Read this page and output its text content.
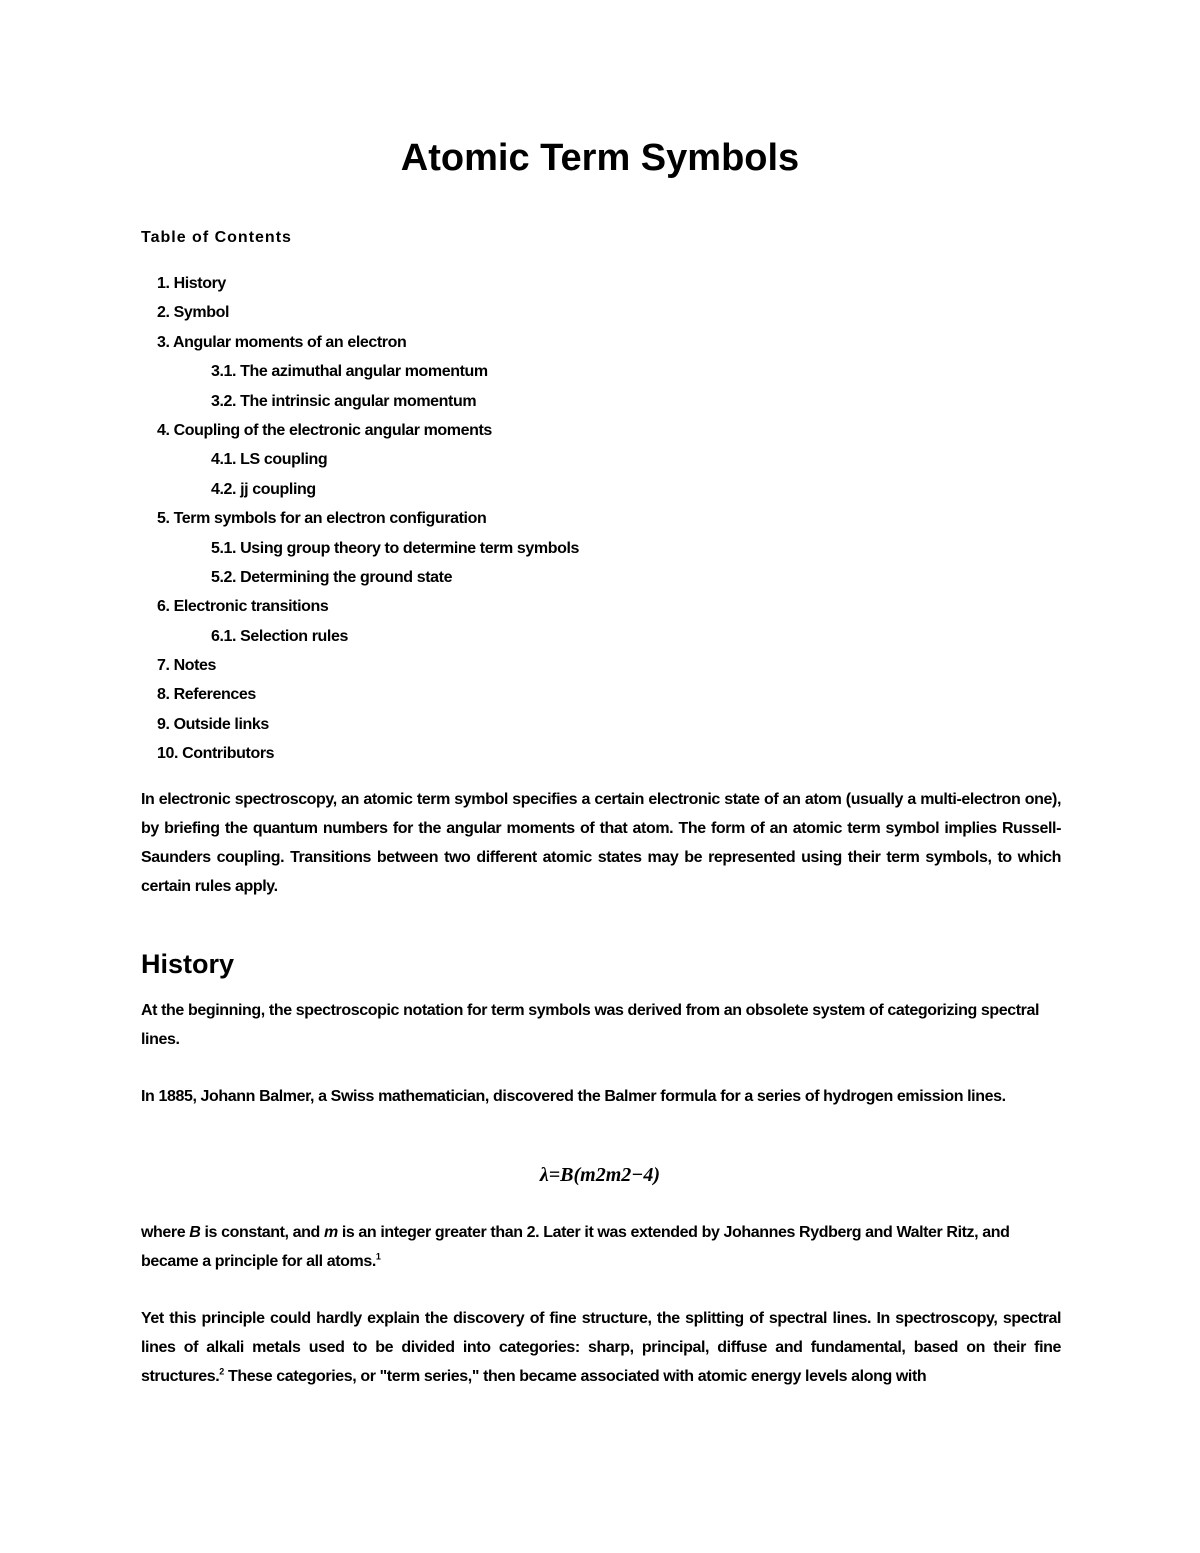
Atomic Term Symbols

Table of Contents

1. History
2. Symbol
3. Angular moments of an electron
3.1. The azimuthal angular momentum
3.2. The intrinsic angular momentum
4. Coupling of the electronic angular moments
4.1. LS coupling
4.2. jj coupling
5. Term symbols for an electron configuration
5.1. Using group theory to determine term symbols
5.2. Determining the ground state
6. Electronic transitions
6.1. Selection rules
7. Notes
8. References
9. Outside links
10. Contributors

In electronic spectroscopy, an atomic term symbol specifies a certain electronic state of an atom (usually a multi-electron one), by briefing the quantum numbers for the angular moments of that atom. The form of an atomic term symbol implies Russell-Saunders coupling. Transitions between two different atomic states may be represented using their term symbols, to which certain rules apply.

History

At the beginning, the spectroscopic notation for term symbols was derived from an obsolete system of categorizing spectral lines.

In 1885, Johann Balmer, a Swiss mathematician, discovered the Balmer formula for a series of hydrogen emission lines.

λ=B(m2m2−4)

where B is constant, and m is an integer greater than 2. Later it was extended by Johannes Rydberg and Walter Ritz, and became a principle for all atoms.$^1$

Yet this principle could hardly explain the discovery of fine structure, the splitting of spectral lines. In spectroscopy, spectral lines of alkali metals used to be divided into categories: sharp, principal, diffuse and fundamental, based on their fine structures.$^2$ These categories, or "term series," then became associated with atomic energy levels along with
